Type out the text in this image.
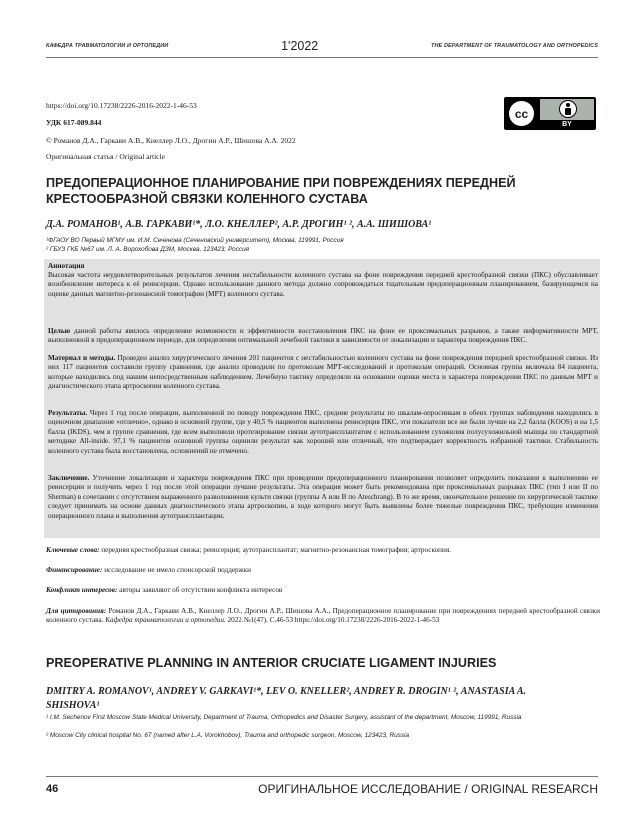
КАФЕДРА ТРАВМАТОЛОГИИ И ОРТОПЕДИИ	1'2022	THE DEPARTMENT OF TRAUMATOLOGY AND ORTHOPEDICS
https://doi.org/10.17238/2226-2016-2022-1-46-53
УДК 617-089.844
© Романов Д.А., Гаркави А.В., Кнеллер Л.О., Дрогин А.Р., Шишова А.А. 2022
Оригинальная статья / Original article
cc
BY
ПРЕДОПЕРАЦИОННОЕ ПЛАНИРОВАНИЕ ПРИ ПОВРЕЖДЕНИЯХ ПЕРЕДНЕЙ КРЕСТООБРАЗНОЙ СВЯЗКИ КОЛЕННОГО СУСТАВА
Д.А. РОМАНОВ¹, А.В. ГАРКАВИ¹*, Л.О. КНЕЛЛЕР², А.Р. ДРОГИН¹ ², А.А. ШИШОВА¹
¹ФГАОУ ВО Первый МГМУ им. И.М. Сеченова (Сеченовский университет), Москва, 119991, Россия
² ГБУЗ ГКБ №67 им. Л. А. Ворохобова ДЗМ, Москва, 123423, Россия
Аннотация
Высокая частота неудовлетворительных результатов лечения нестабильности коленного сустава на фоне повреждения передней крестообразной связки (ПКС) обуславливает возобновление интереса к её реинсерции. Однако использование данного метода должно сопровождаться тщательным предоперационным планированием, базирующемся на оценке данных магнитно-резонансной томографии (МРТ) коленного сустава.
Целью данной работы явилось определение возможности и эффективности восстановления ПКС на фоне ее проксимальных разрывов, а также информативности МРТ, выполненной в предоперационном периоде, для определения оптимальной лечебной тактики в зависимости от локализации и характера повреждения ПКС.
Материал и методы. Проведен анализ хирургического лечения 201 пациентов с нестабильностью коленного сустава на фоне повреждения передней крестообразной связки. Из них 117 пациентов составили группу сравнения, где анализ проводили по протоколам МРТ-исследований и протоколам операций. Основная группа включала 84 пациента, которые находились под нашим непосредственным наблюдением. Лечебную тактику определяли на основании оценки места и характера повреждения ПКС по данным МРТ и диагностического этапа артроскопии коленного сустава.
Результаты. Через 1 год после операции, выполненной по поводу повреждения ПКС, средние результаты по шкалам-опросникам в обеих группах наблюдения находились в оценочном диапазоне «отлично», однако в основной группе, где у 40,5 % пациентов выполнена реинсерция ПКС, эти показатели все же были лучше на 2,2 балла (KOOS) и на 1,5 балла (IKDS), чем в группе сравнения, где всем выполнили протезирование связки аутотрансплантатом с использованием сухожилия полусухожильной мышцы по стандартной методике All-inside. 97,1 % пациентов основной группы оценили результат как хороший или отличный, что подтверждает корректность избранной тактики. Стабильность коленного сустава была восстановлена, осложнений не отмечено.
Заключение. Уточнение локализации и характера повреждения ПКС при проведении предоперационного планирования позволяет определить показания к выполнению ее реинсерции и получить через 1 год после этой операции лучшие результаты. Эта операция может быть рекомендована при проксимальных разрывах ПКС (тип I или II по Sherman) в сочетании с отсутствием выраженного разволокнения культи связки (группы А или В по Ateschrang). В то же время, окончательное решение по хирургической тактике следует принимать на основе данных диагностического этапа артроскопии, в ходе которого могут быть выявлены более тяжелые повреждения ПКС, требующие изменения операционного плана и выполнения аутотрансплантации.
Ключевые слова: передняя крестообразная связка; реинсерция; аутотрансплантат; магнитно-резонансная томография; артроскопия.
Финансирование: исследование не имело спонсорской поддержки
Конфликт интересов: авторы заявляют об отсутствии конфликта интересов
Для цитирования: Романов Д.А., Гаркави А.В., Кнеллер Л.О., Дрогин А.Р., Шишова А.А., Предоперационное планирование при повреждениях передней крестообразной связки коленного сустава. Кафедра травматологии и ортопедии. 2022.№1(47). С.46-53 https://doi.org/10.17238/2226-2016-2022-1-46-53
PREOPERATIVE PLANNING IN ANTERIOR CRUCIATE LIGAMENT INJURIES
DMITRY A. ROMANOV¹, ANDREY V. GARKAVI¹*, LEV O. KNELLER², ANDREY R. DROGIN¹ ², ANASTASIA A. SHISHOVA¹
¹ I.M. Sechenov First Moscow State Medical University, Department of Trauma, Orthopedics and Disaster Surgery, assistant of the department, Moscow, 119991, Russia
² Moscow City clinical hospital No. 67 (named after L.A. Vorokhobov), Trauma and orthopedic surgeon, Moscow, 123423, Russia
46	ОРИГИНАЛЬНОЕ ИССЛЕДОВАНИЕ / ORIGINAL RESEARCH
